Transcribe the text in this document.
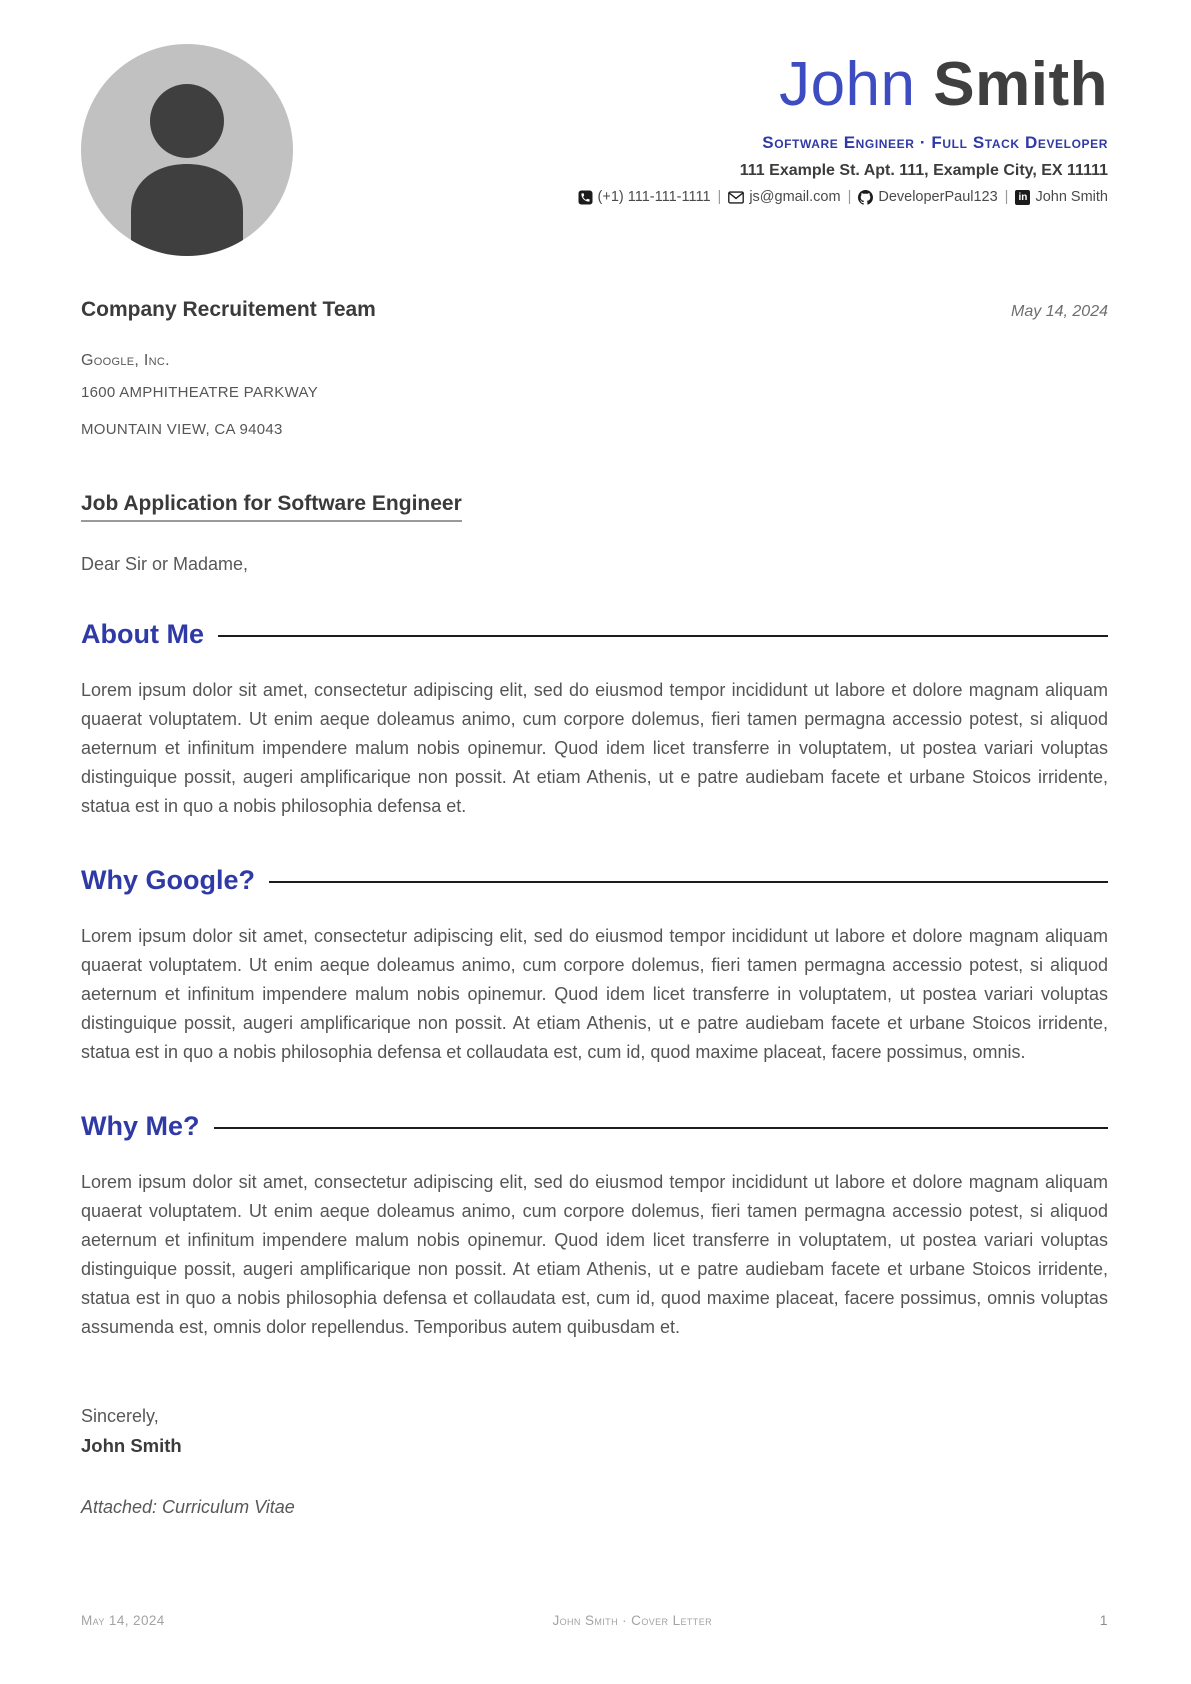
John Smith
Software Engineer · Full Stack Developer
111 Example St. Apt. 111, Example City, EX 11111
(+1) 111-111-1111 | js@gmail.com | DeveloperPaul123 |	in John Smith
Company Recruitement Team	May 14, 2024
Google, Inc.
1600 AMPHITHEATRE PARKWAY
MOUNTAIN VIEW, CA 94043
Job Application for Software Engineer
Dear Sir or Madame,
About Me

Lorem ipsum dolor sit amet, consectetur adipiscing elit, sed do eiusmod tempor incididunt ut labore et dolore magnam aliquam quaerat voluptatem. Ut enim aeque doleamus animo, cum corpore dolemus, fieri tamen permagna accessio potest, si aliquod aeternum et infinitum impendere malum nobis opinemur. Quod idem licet transferre in voluptatem, ut postea variari voluptas distinguique possit, augeri amplificarique non possit. At etiam Athenis, ut e patre audiebam facete et urbane Stoicos irridente, statua est in quo a nobis philosophia defensa et.

Why Google?

Lorem ipsum dolor sit amet, consectetur adipiscing elit, sed do eiusmod tempor incididunt ut labore et dolore magnam aliquam quaerat voluptatem. Ut enim aeque doleamus animo, cum corpore dolemus, fieri tamen permagna accessio potest, si aliquod aeternum et infinitum impendere malum nobis opinemur. Quod idem licet transferre in voluptatem, ut postea variari voluptas distinguique possit, augeri amplificarique non possit. At etiam Athenis, ut e patre audiebam facete et urbane Stoicos irridente, statua est in quo a nobis philosophia defensa et collaudata est, cum id, quod maxime placeat, facere possimus, omnis.

Why Me?

Lorem ipsum dolor sit amet, consectetur adipiscing elit, sed do eiusmod tempor incididunt ut labore et dolore magnam aliquam quaerat voluptatem. Ut enim aeque doleamus animo, cum corpore dolemus, fieri tamen permagna accessio potest, si aliquod aeternum et infinitum impendere malum nobis opinemur. Quod idem licet transferre in voluptatem, ut postea variari voluptas distinguique possit, augeri amplificarique non possit. At etiam Athenis, ut e patre audiebam facete et urbane Stoicos irridente, statua est in quo a nobis philosophia defensa et collaudata est, cum id, quod maxime placeat, facere possimus, omnis voluptas assumenda est, omnis dolor repellendus. Temporibus autem quibusdam et.

Sincerely,
John Smith
Attached: Curriculum Vitae
May 14, 2024	John Smith · Cover Letter	1
